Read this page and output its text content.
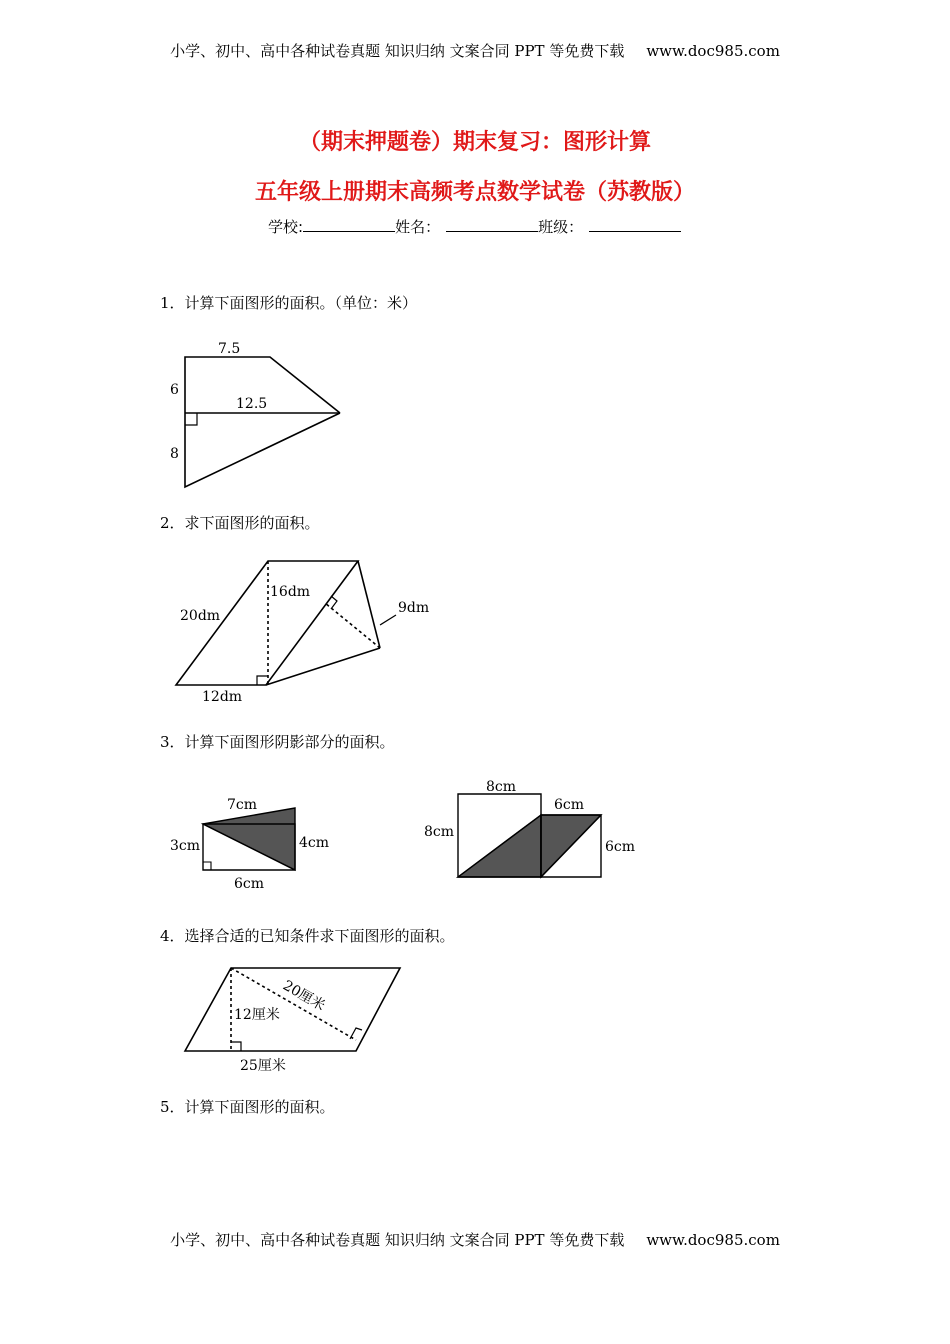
小学、初中、高中各种试卷真题 知识归纳 文案合同 PPT 等免费下载 www.doc985.com
（期末押题卷）期末复习：图形计算
五年级上册期末高频考点数学试卷（苏教版）
学校:	姓名：	班级：
1．计算下面图形的面积。（单位：米）
7.5
6
12.5
8
2．求下面图形的面积。
16dm
20dm	9dm
12dm
3．计算下面图形阴影部分的面积。
7cm
3cm	4cm
6cm
8cm
6cm
8cm
6cm
4．选择合适的已知条件求下面图形的面积。
20厘米
12厘米
25厘米
5．计算下面图形的面积。
小学、初中、高中各种试卷真题 知识归纳 文案合同 PPT 等免费下载 www.doc985.com
